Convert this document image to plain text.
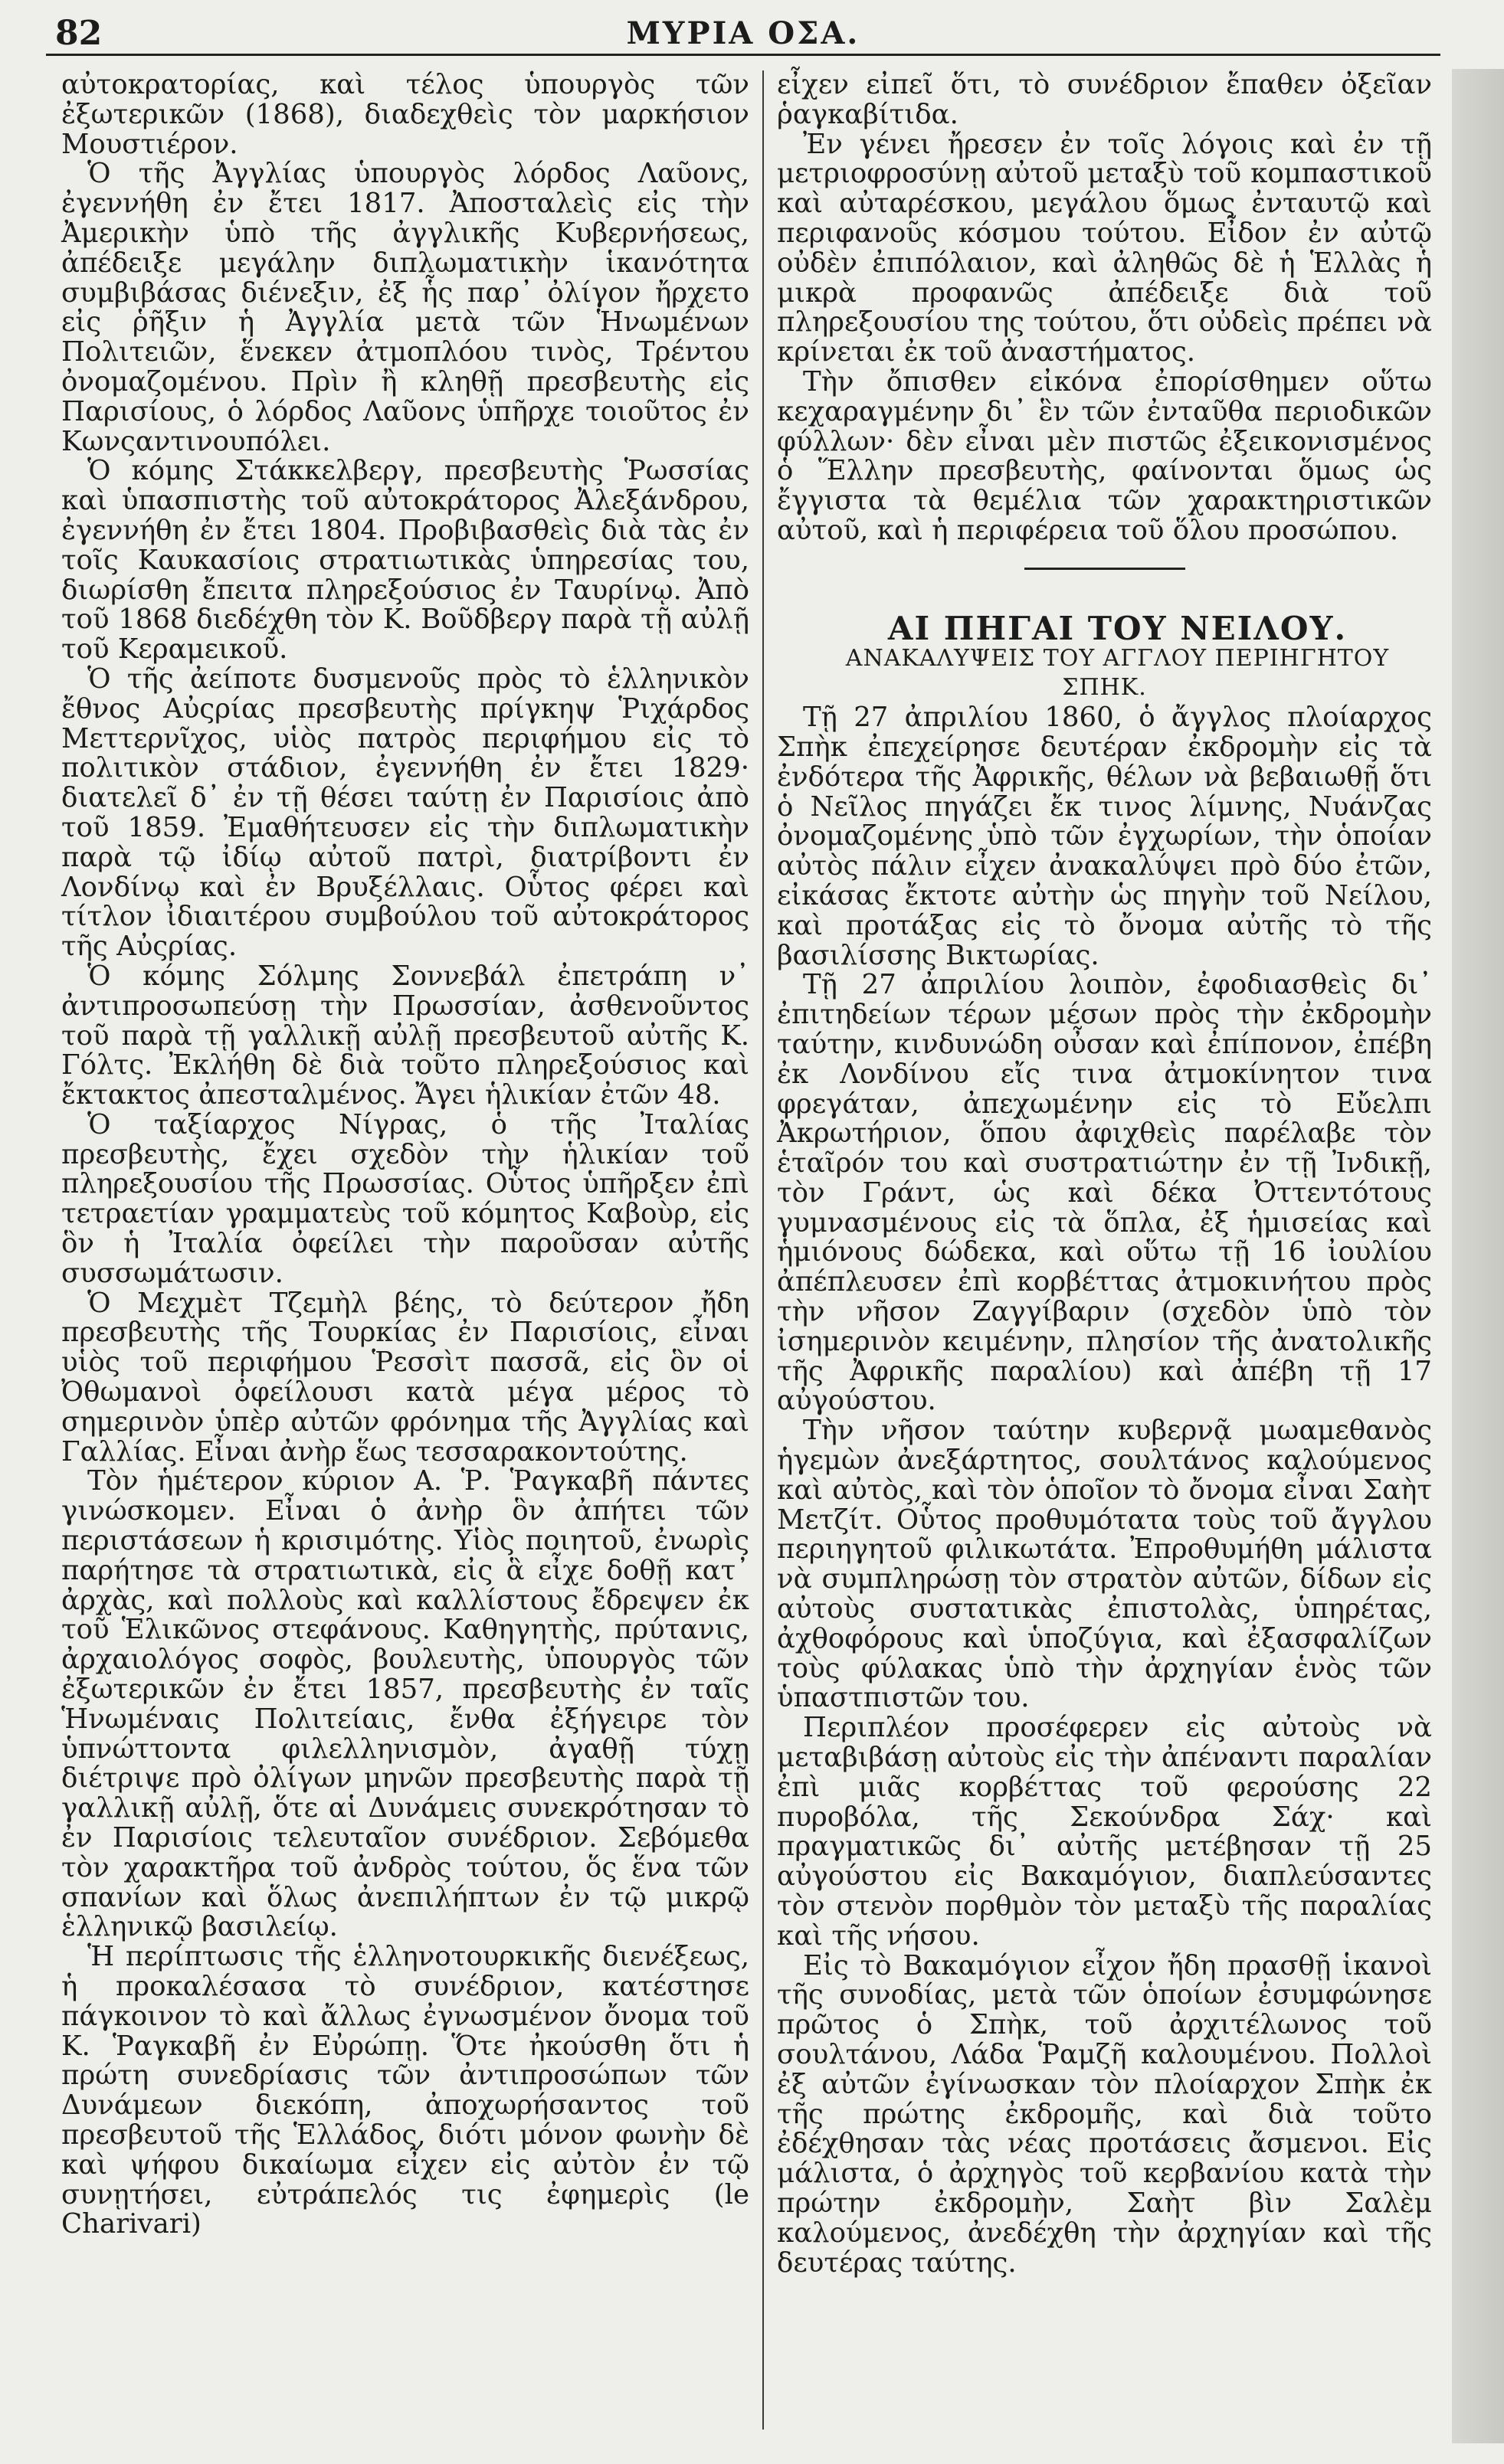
82	ΜΥΡΙΑ ΟΣΑ.

αὐτοκρατορίας, καὶ τέλος ὑπουργὸς τῶν ἐξωτερικῶν (1868), διαδεχθεὶς τὸν μαρκήσιον Μουστιέρον.

Ὁ τῆς Ἀγγλίας ὑπουργὸς λόρδος Λαῦονς, ἐγεννήθη ἐν ἔτει 1817. Ἀποσταλεὶς εἰς τὴν Ἀμερικὴν ὑπὸ τῆς ἀγγλικῆς Κυβερνήσεως, ἀπέδειξε μεγάλην διπλωματικὴν ἱκανότητα συμβιβάσας διένεξιν, ἐξ ἧς παρ᾽ ὀλίγον ἤρχετο εἰς ῥῆξιν ἡ Ἀγγλία μετὰ τῶν Ἡνωμένων Πολιτειῶν, ἕνεκεν ἀτμοπλόου τινὸς, Τρέντου ὀνομαζομένου. Πρὶν ἢ κληθῇ πρεσβευτὴς εἰς Παρισίους, ὁ λόρδος Λαῦονς ὑπῆρχε τοιοῦτος ἐν Κωνςαντινουπόλει.

Ὁ κόμης Στάκκελβεργ, πρεσβευτὴς Ῥωσσίας καὶ ὑπασπιστὴς τοῦ αὐτοκράτορος Ἀλεξάνδρου, ἐγεννήθη ἐν ἔτει 1804. Προβιβασθεὶς διὰ τὰς ἐν τοῖς Καυκασίοις στρατιωτικὰς ὑπηρεσίας του, διωρίσθη ἔπειτα πληρεξούσιος ἐν Ταυρίνῳ. Ἀπὸ τοῦ 1868 διεδέχθη τὸν Κ. Βοῦδβεργ παρὰ τῇ αὐλῇ τοῦ Κεραμεικοῦ.

Ὁ τῆς ἀείποτε δυσμενοῦς πρὸς τὸ ἑλληνικὸν ἔθνος Αὐςρίας πρεσβευτὴς πρίγκηψ Ῥιχάρδος Μεττερνῖχος, υἱὸς πατρὸς περιφήμου εἰς τὸ πολιτικὸν στάδιον, ἐγεννήθη ἐν ἔτει 1829· διατελεῖ δ᾽ ἐν τῇ θέσει ταύτῃ ἐν Παρισίοις ἀπὸ τοῦ 1859. Ἐμαθήτευσεν εἰς τὴν διπλωματικὴν παρὰ τῷ ἰδίῳ αὐτοῦ πατρὶ, διατρίβοντι ἐν Λονδίνῳ καὶ ἐν Βρυξέλλαις. Οὗτος φέρει καὶ τίτλον ἰδιαιτέρου συμβούλου τοῦ αὐτοκράτορος τῆς Αὐςρίας.

Ὁ κόμης Σόλμης Σοννεβάλ ἐπετράπη ν᾽ ἀντιπροσωπεύσῃ τὴν Πρωσσίαν, ἀσθενοῦντος τοῦ παρὰ τῇ γαλλικῇ αὐλῇ πρεσβευτοῦ αὐτῆς Κ. Γόλτς. Ἐκλήθη δὲ διὰ τοῦτο πληρεξούσιος καὶ ἔκτακτος ἀπεσταλμένος. Ἄγει ἡλικίαν ἐτῶν 48.

Ὁ ταξίαρχος Νίγρας, ὁ τῆς Ἰταλίας πρεσβευτὴς, ἔχει σχεδὸν τὴν ἡλικίαν τοῦ πληρεξουσίου τῆς Πρωσσίας. Οὗτος ὑπῆρξεν ἐπὶ τετραετίαν γραμματεὺς τοῦ κόμητος Καβοὺρ, εἰς ὃν ἡ Ἰταλία ὀφείλει τὴν παροῦσαν αὐτῆς συσσωμάτωσιν.

Ὁ Μεχμὲτ Τζεμὴλ βέης, τὸ δεύτερον ἤδη πρεσβευτὴς τῆς Τουρκίας ἐν Παρισίοις, εἶναι υἱὸς τοῦ περιφήμου Ῥεσσὶτ πασσᾶ, εἰς ὃν οἱ Ὀθωμανοὶ ὀφείλουσι κατὰ μέγα μέρος τὸ σημερινὸν ὑπὲρ αὐτῶν φρόνημα τῆς Ἀγγλίας καὶ Γαλλίας. Εἶναι ἀνὴρ ἕως τεσσαρακοντούτης.

Τὸν ἡμέτερον κύριον Α. Ῥ. Ῥαγκαβῆ πάντες γινώσκομεν. Εἶναι ὁ ἀνὴρ ὃν ἀπήτει τῶν περιστάσεων ἡ κρισιμότης. Υἱὸς ποιητοῦ, ἐνωρὶς παρήτησε τὰ στρατιωτικὰ, εἰς ἃ εἶχε δοθῇ κατ᾽ ἀρχὰς, καὶ πολλοὺς καὶ καλλίστους ἔδρεψεν ἐκ τοῦ Ἑλικῶνος στεφάνους. Καθηγητὴς, πρύτανις, ἀρχαιολόγος σοφὸς, βουλευτὴς, ὑπουργὸς τῶν ἐξωτερικῶν ἐν ἔτει 1857, πρεσβευτὴς ἐν ταῖς Ἡνωμέναις Πολιτείαις, ἔνθα ἐξήγειρε τὸν ὑπνώττοντα φιλελληνισμὸν, ἀγαθῇ τύχῃ διέτριψε πρὸ ὀλίγων μηνῶν πρεσβευτὴς παρὰ τῇ γαλλικῇ αὐλῇ, ὅτε αἱ Δυνάμεις συνεκρότησαν τὸ ἐν Παρισίοις τελευταῖον συνέδριον. Σεβόμεθα τὸν χαρακτῆρα τοῦ ἀνδρὸς τούτου, ὅς ἕνα τῶν σπανίων καὶ ὅλως ἀνεπιλήπτων ἐν τῷ μικρῷ ἑλληνικῷ βασιλείῳ.

Ἡ περίπτωσις τῆς ἑλληνοτουρκικῆς διενέξεως, ἡ προκαλέσασα τὸ συνέδριον, κατέστησε πάγκοινον τὸ καὶ ἄλλως ἐγνωσμένον ὄνομα τοῦ Κ. Ῥαγκαβῆ ἐν Εὐρώπῃ. Ὅτε ἠκούσθη ὅτι ἡ πρώτη συνεδρίασις τῶν ἀντιπροσώπων τῶν Δυνάμεων διεκόπη, ἀποχωρήσαντος τοῦ πρεσβευτοῦ τῆς Ἑλλάδος, διότι μόνον φωνὴν δὲ καὶ ψήφου δικαίωμα εἶχεν εἰς αὐτὸν ἐν τῷ συνῃτήσει, εὐτράπελός τις ἐφημερὶς (le Charivari)

εἶχεν εἰπεῖ ὅτι, τὸ συνέδριον ἔπαθεν ὀξεῖαν ῥαγκαβίτιδα.

Ἐν γένει ἤρεσεν ἐν τοῖς λόγοις καὶ ἐν τῇ μετριοφροσύνῃ αὐτοῦ μεταξὺ τοῦ κομπαστικοῦ καὶ αὐταρέσκου, μεγάλου ὅμως ἐνταυτῷ καὶ περιφανοῦς κόσμου τούτου. Εἶδον ἐν αὐτῷ οὐδὲν ἐπιπόλαιον, καὶ ἀληθῶς δὲ ἡ Ἑλλὰς ἡ μικρὰ προφανῶς ἀπέδειξε διὰ τοῦ πληρεξουσίου της τούτου, ὅτι οὐδεὶς πρέπει νὰ κρίνεται ἐκ τοῦ ἀναστήματος.

Τὴν ὄπισθεν εἰκόνα ἐπορίσθημεν οὕτω κεχαραγμένην δι᾽ ἓν τῶν ἐνταῦθα περιοδικῶν φύλλων· δὲν εἶναι μὲν πιστῶς ἐξεικονισμένος ὁ Ἕλλην πρεσβευτὴς, φαίνονται ὅμως ὡς ἔγγιστα τὰ θεμέλια τῶν χαρακτηριστικῶν αὐτοῦ, καὶ ἡ περιφέρεια τοῦ ὅλου προσώπου.

ΑΙ ΠΗΓΑΙ ΤΟΥ ΝΕΙΛΟΥ.

ΑΝΑΚΑΛΥΨΕΙΣ ΤΟΥ ΑΓΓΛΟΥ ΠΕΡΙΗΓΗΤΟΥ ΣΠΗΚ.

Τῇ 27 ἀπριλίου 1860, ὁ ἄγγλος πλοίαρχος Σπὴκ ἐπεχείρησε δευτέραν ἐκδρομὴν εἰς τὰ ἐνδότερα τῆς Ἀφρικῆς, θέλων νὰ βεβαιωθῇ ὅτι ὁ Νεῖλος πηγάζει ἔκ τινος λίμνης, Νυάνζας ὀνομαζομένης ὑπὸ τῶν ἐγχωρίων, τὴν ὁποίαν αὐτὸς πάλιν εἶχεν ἀνακαλύψει πρὸ δύο ἐτῶν, εἰκάσας ἔκτοτε αὐτὴν ὡς πηγὴν τοῦ Νείλου, καὶ προτάξας εἰς τὸ ὄνομα αὐτῆς τὸ τῆς βασιλίσσης Βικτωρίας.

Τῇ 27 ἀπριλίου λοιπὸν, ἐφοδιασθεὶς δι᾽ ἐπιτηδείων τέρων μέσων πρὸς τὴν ἐκδρομὴν ταύτην, κινδυνώδη οὖσαν καὶ ἐπίπονον, ἐπέβη ἐκ Λονδίνου εἴς τινα ἀτμοκίνητον τινα φρεγάταν, ἀπεχωμένην εἰς τὸ Εὔελπι Ἀκρωτήριον, ὅπου ἀφιχθεὶς παρέλαβε τὸν ἑταῖρόν του καὶ συστρατιώτην ἐν τῇ Ἰνδικῇ, τὸν Γράντ, ὡς καὶ δέκα Ὀττεντότους γυμνασμένους εἰς τὰ ὅπλα, ἐξ ἡμισείας καὶ ἡμιόνους δώδεκα, καὶ οὕτω τῇ 16 ἰουλίου ἀπέπλευσεν ἐπὶ κορβέττας ἀτμοκινήτου πρὸς τὴν νῆσον Ζαγγίβαριν (σχεδὸν ὑπὸ τὸν ἰσημερινὸν κειμένην, πλησίον τῆς ἀνατολικῆς τῆς Ἀφρικῆς παραλίου) καὶ ἀπέβη τῇ 17 αὐγούστου.

Τὴν νῆσον ταύτην κυβερνᾷ μωαμεθανὸς ἡγεμὼν ἀνεξάρτητος, σουλτάνος καλούμενος καὶ αὐτὸς, καὶ τὸν ὁποῖον τὸ ὄνομα εἶναι Σαὴτ Μετζίτ. Οὗτος προθυμότατα τοὺς τοῦ ἄγγλου περιηγητοῦ φιλικωτάτα. Ἐπροθυμήθη μάλιστα νὰ συμπληρώσῃ τὸν στρατὸν αὐτῶν, δίδων εἰς αὐτοὺς συστατικὰς ἐπιστολὰς, ὑπηρέτας, ἀχθοφόρους καὶ ὑποζύγια, καὶ ἐξασφαλίζων τοὺς φύλακας ὑπὸ τὴν ἀρχηγίαν ἑνὸς τῶν ὑπαστπιστῶν του.

Περιπλέον προσέφερεν εἰς αὐτοὺς νὰ μεταβιβάσῃ αὐτοὺς εἰς τὴν ἀπέναντι παραλίαν ἐπὶ μιᾶς κορβέττας τοῦ φερούσης 22 πυροβόλα, τῆς Σεκούνδρα Σάχ· καὶ πραγματικῶς δι᾽ αὐτῆς μετέβησαν τῇ 25 αὐγούστου εἰς Βακαμόγιον, διαπλεύσαντες τὸν στενὸν πορθμὸν τὸν μεταξὺ τῆς παραλίας καὶ τῆς νήσου.

Εἰς τὸ Βακαμόγιον εἶχον ἤδη πρασθῇ ἱκανοὶ τῆς συνοδίας, μετὰ τῶν ὁποίων ἐσυμφώνησε πρῶτος ὁ Σπὴκ, τοῦ ἀρχιτέλωνος τοῦ σουλτάνου, Λάδα Ῥαμζῆ καλουμένου. Πολλοὶ ἐξ αὐτῶν ἐγίνωσκαν τὸν πλοίαρχον Σπὴκ ἐκ τῆς πρώτης ἐκδρομῆς, καὶ διὰ τοῦτο ἐδέχθησαν τὰς νέας προτάσεις ἄσμενοι. Εἰς μάλιστα, ὁ ἀρχηγὸς τοῦ κερβανίου κατὰ τὴν πρώτην ἐκδρομὴν, Σαὴτ βὶν Σαλὲμ καλούμενος, ἀνεδέχθη τὴν ἀρχηγίαν καὶ τῆς δευτέρας ταύτης.
